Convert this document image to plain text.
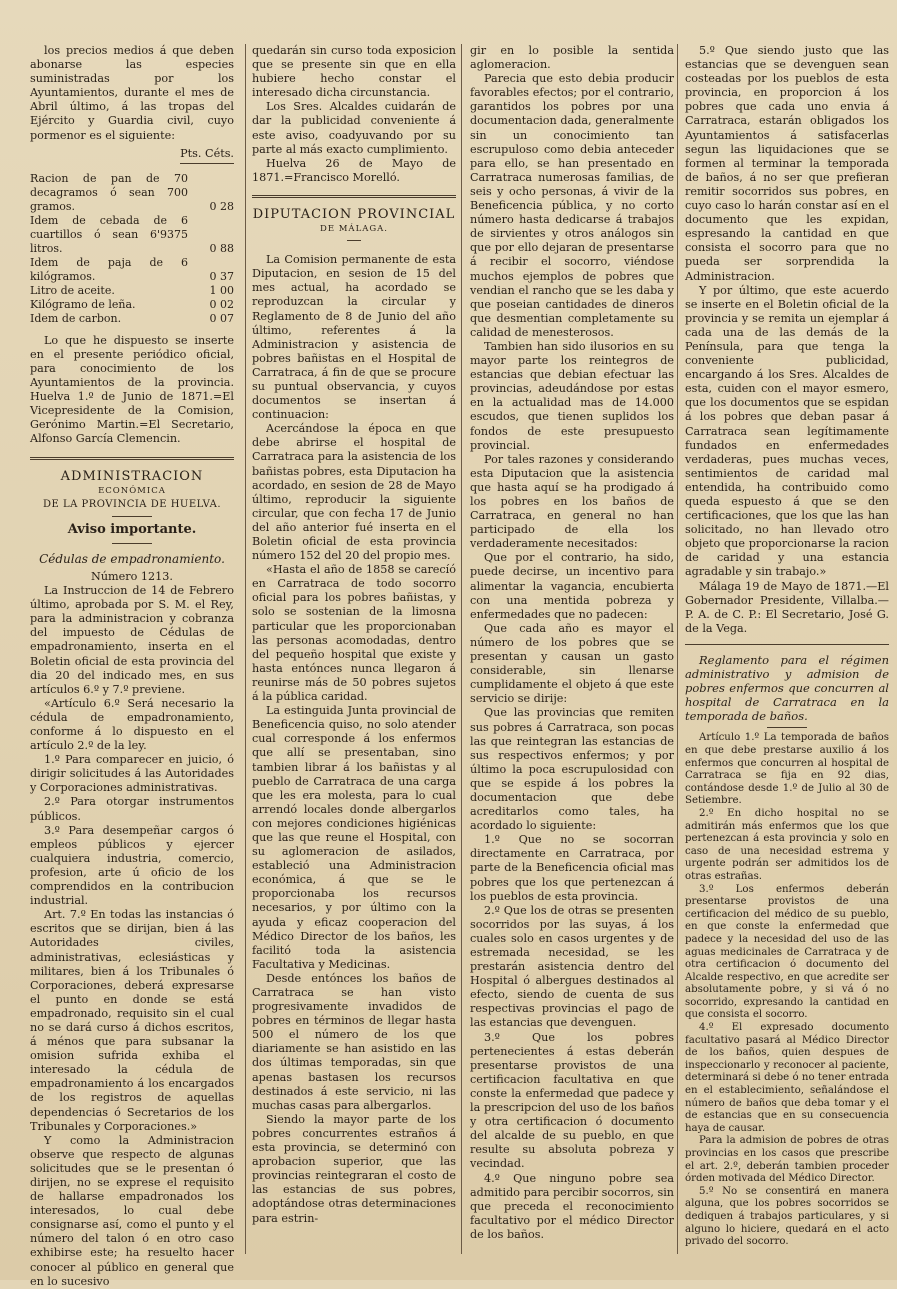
los precios medios á que deben abonarse las especies suministradas por los Ayuntamientos, durante el mes de Abril último, á las tropas del Ejército y Guardia civil, cuyo pormenor es el siguiente:

Pts. Céts.

Racion de pan de 70 decagramos ó sean 700 gramos.	0 28
Idem de cebada de 6 cuartillos ó sean 6'9375 litros.	0 88
Idem de paja de 6 kilógramos.	0 37
Litro de aceite.	1 00
Kilógramo de leña.	0 02
Idem de carbon.	0 07

Lo que he dispuesto se inserte en el presente periódico oficial, para conocimiento de los Ayuntamientos de la provincia. Huelva 1.º de Junio de 1871.=El Vicepresidente de la Comision, Gerónimo Martin.=El Secretario, Alfonso García Clemencin.

ADMINISTRACION

ECONÓMICA

DE LA PROVINCIA DE HUELVA.

Aviso importante.

Cédulas de empadronamiento.

Número 1213.

La Instruccion de 14 de Febrero último, aprobada por S. M. el Rey, para la administracion y cobranza del impuesto de Cédulas de empadronamiento, inserta en el Boletin oficial de esta provincia del dia 20 del indicado mes, en sus artículos 6.º y 7.º previene.

«Artículo 6.º Será necesario la cédula de empadronamiento, conforme á lo dispuesto en el artículo 2.º de la ley.

1.º Para comparecer en juicio, ó dirigir solicitudes á las Autoridades y Corporaciones administrativas.

2.º Para otorgar instrumentos públicos.

3.º Para desempeñar cargos ó empleos públicos y ejercer cualquiera industria, comercio, profesion, arte ú oficio de los comprendidos en la contribucion industrial.

Art. 7.º En todas las instancias ó escritos que se dirijan, bien á las Autoridades civiles, administrativas, eclesiásticas y militares, bien á los Tribunales ó Corporaciones, deberá expresarse el punto en donde se está empadronado, requisito sin el cual no se dará curso á dichos escritos, á ménos que para subsanar la omision sufrida exhiba el interesado la cédula de empadronamiento á los encargados de los registros de aquellas dependencias ó Secretarios de los Tribunales y Corporaciones.»

Y como la Administracion observe que respecto de algunas solicitudes que se le presentan ó dirijen, no se exprese el requisito de hallarse empadronados los interesados, lo cual debe consignarse así, como el punto y el número del talon ó en otro caso exhibirse este; ha resuelto hacer conocer al público en general que en lo sucesivo

quedarán sin curso toda exposicion que se presente sin que en ella hubiere hecho constar el interesado dicha circunstancia.

Los Sres. Alcaldes cuidarán de dar la publicidad conveniente á este aviso, coadyuvando por su parte al más exacto cumplimiento.

Huelva 26 de Mayo de 1871.=Francisco Morelló.

DIPUTACION PROVINCIAL

DE MÁLAGA.

La Comision permanente de esta Diputacion, en sesion de 15 del mes actual, ha acordado se reproduzcan la circular y Reglamento de 8 de Junio del año último, referentes á la Administracion y asistencia de pobres bañistas en el Hospital de Carratraca, á fin de que se procure su puntual observancia, y cuyos documentos se insertan á continuacion:

Acercándose la época en que debe abrirse el hospital de Carratraca para la asistencia de los bañistas pobres, esta Diputacion ha acordado, en sesion de 28 de Mayo último, reproducir la siguiente circular, que con fecha 17 de Junio del año anterior fué inserta en el Boletin oficial de esta provincia número 152 del 20 del propio mes.

«Hasta el año de 1858 se carecíó en Carratraca de todo socorro oficial para los pobres bañistas, y solo se sostenian de la limosna particular que les proporcionaban las personas acomodadas, dentro del pequeño hospital que existe y hasta entónces nunca llegaron á reunirse más de 50 pobres sujetos á la pública caridad.

La estinguida Junta provincial de Beneficencia quiso, no solo atender cual corresponde á los enfermos que allí se presentaban, sino tambien librar á los bañistas y al pueblo de Carratraca de una carga que les era molesta, para lo cual arrendó locales donde albergarlos con mejores condiciones higiénicas que las que reune el Hospital, con su aglomeracion de asilados, estableció una Administracion económica, á que se le proporcionaba los recursos necesarios, y por último con la ayuda y eficaz cooperacion del Médico Director de los baños, les facilitó toda la asistencia Facultativa y Medicinas.

Desde entónces los baños de Carratraca se han visto progresivamente invadidos de pobres en términos de llegar hasta 500 el número de los que diariamente se han asistido en las dos últimas temporadas, sin que apenas bastasen los recursos destinados á este servicio, ni las muchas casas para albergarlos.

Siendo la mayor parte de los pobres concurrentes estraños á esta provincia, se determinó con aprobacion superior, que las provincias reintegraran el costo de las estancias de sus pobres, adoptándose otras determinaciones para estrin-

gir en lo posible la sentida aglomeracion.

Parecia que esto debia producir favorables efectos; por el contrario, garantidos los pobres por una documentacion dada, generalmente sin un conocimiento tan escrupuloso como debia anteceder para ello, se han presentado en Carratraca numerosas familias, de seis y ocho personas, á vivir de la Beneficencia pública, y no corto número hasta dedicarse á trabajos de sirvientes y otros análogos sin que por ello dejaran de presentarse á recibir el socorro, viéndose muchos ejemplos de pobres que vendian el rancho que se les daba y que poseian cantidades de dineros que desmentian completamente su calidad de menesterosos.

Tambien han sido ilusorios en su mayor parte los reintegros de estancias que debian efectuar las provincias, adeudándose por estas en la actualidad mas de 14.000 escudos, que tienen suplidos los fondos de este presupuesto provincial.

Por tales razones y considerando esta Diputacion que la asistencia que hasta aquí se ha prodigado á los pobres en los baños de Carratraca, en general no han participado de ella los verdaderamente necesitados:

Que por el contrario, ha sido, puede decirse, un incentivo para alimentar la vagancia, encubierta con una mentida pobreza y enfermedades que no padecen:

Que cada año es mayor el número de los pobres que se presentan y causan un gasto considerable, sin llenarse cumplidamente el objeto á que este servicio se dirije:

Que las provincias que remiten sus pobres á Carratraca, son pocas las que reintegran las estancias de sus respectivos enfermos; y por último la poca escrupulosidad con que se espide á los pobres la documentacion que debe acreditarlos como tales, ha acordado lo siguiente:

1.º Que no se socorran directamente en Carratraca, por parte de la Beneficencia oficial mas pobres que los que pertenezcan á los pueblos de esta provincia.

2.º Que los de otras se presenten socorridos por las suyas, á los cuales solo en casos urgentes y de estremada necesidad, se les prestarán asistencia dentro del Hospital ó albergues destinados al efecto, siendo de cuenta de sus respectivas provincias el pago de las estancias que devenguen.

3.º Que los pobres pertenecientes á estas deberán presentarse provistos de una certificacion facultativa en que conste la enfermedad que padece y la prescripcion del uso de los baños y otra certificacion ó documento del alcalde de su pueblo, en que resulte su absoluta pobreza y vecindad.

4.º Que ninguno pobre sea admitido para percibir socorros, sin que preceda el reconocimiento facultativo por el médico Director de los baños.

5.º Que siendo justo que las estancias que se devenguen sean costeadas por los pueblos de esta provincia, en proporcion á los pobres que cada uno envia á Carratraca, estarán obligados los Ayuntamientos á satisfacerlas segun las liquidaciones que se formen al terminar la temporada de baños, á no ser que prefieran remitir socorridos sus pobres, en cuyo caso lo harán constar así en el documento que les expidan, espresando la cantidad en que consista el socorro para que no pueda ser sorprendida la Administracion.

Y por último, que este acuerdo se inserte en el Boletin oficial de la provincia y se remita un ejemplar á cada una de las demás de la Península, para que tenga la conveniente publicidad, encargando á los Sres. Alcaldes de esta, cuiden con el mayor esmero, que los documentos que se espidan á los pobres que deban pasar á Carratraca sean legítimamente fundados en enfermedades verdaderas, pues muchas veces, sentimientos de caridad mal entendida, ha contribuido como queda espuesto á que se den certificaciones, que los que las han solicitado, no han llevado otro objeto que proporcionarse la racion de caridad y una estancia agradable y sin trabajo.»

Málaga 19 de Mayo de 1871.—El Gobernador Presidente, Villalba.—P. A. de C. P.: El Secretario, José G. de la Vega.

Reglamento para el régimen administrativo y admision de pobres enfermos que concurren al hospital de Carratraca en la temporada de baños.

Artículo 1.º La temporada de baños en que debe prestarse auxilio á los enfermos que concurren al hospital de Carratraca se fija en 92 dias, contándose desde 1.º de Julio al 30 de Setiembre.

2.º En dicho hospital no se admitirán más enfermos que los que pertenezcan á esta provincia y solo en caso de una necesidad estrema y urgente podrán ser admitidos los de otras estrañas.

3.º Los enfermos deberán presentarse provistos de una certificacion del médico de su pueblo, en que conste la enfermedad que padece y la necesidad del uso de las aguas medicinales de Carratraca y de otra certificacion ó documento del Alcalde respectivo, en que acredite ser absolutamente pobre, y si vá ó no socorrido, expresando la cantidad en que consista el socorro.

4.º El expresado documento facultativo pasará al Médico Director de los baños, quien despues de inspeccionarlo y reconocer al paciente, determinará si debe ó no tener entrada en el establecimiento, señalándose el número de baños que deba tomar y el de estancias que en su consecuencia haya de causar.

Para la admision de pobres de otras provincias en los casos que prescribe el art. 2.º, deberán tambien proceder órden motivada del Médico Director.

5.º No se consentirá en manera alguna, que los pobres socorridos se dediquen á trabajos particulares, y si alguno lo hiciere, quedará en el acto privado del socorro.
